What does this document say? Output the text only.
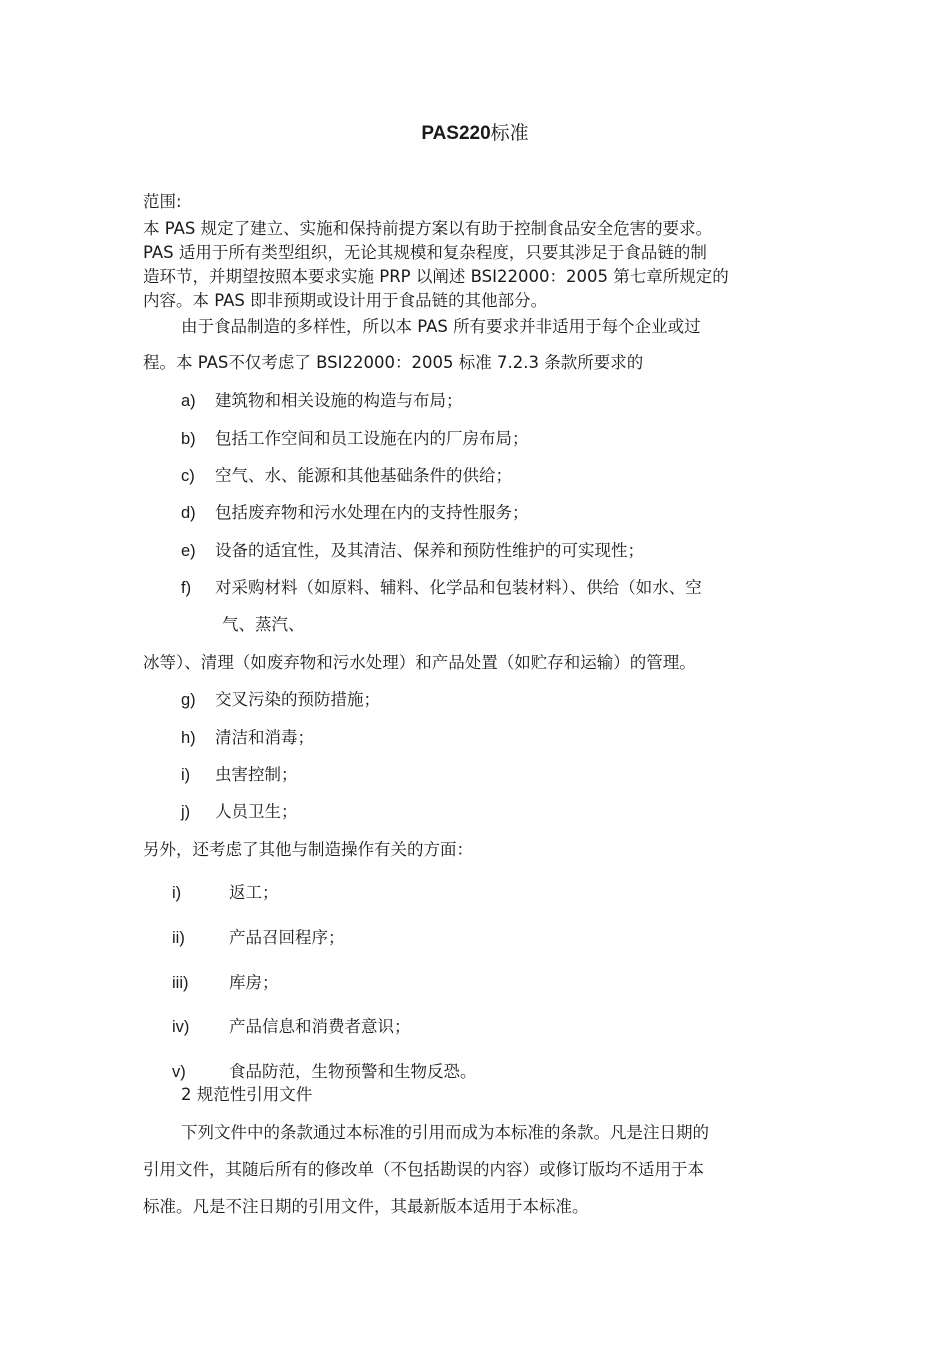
PAS220标准

范围:

本 PAS 规定了建立、实施和保持前提方案以有助于控制食品安全危害的要求。

PAS 适用于所有类型组织，无论其规模和复杂程度，只要其涉足于食品链的制

造环节，并期望按照本要求实施 PRP 以阐述 BSI22000：2005 第七章所规定的

内容。本 PAS 即非预期或设计用于食品链的其他部分。

由于食品制造的多样性，所以本 PAS 所有要求并非适用于每个企业或过

程。本 PAS不仅考虑了 BSI22000：2005 标准 7.2.3 条款所要求的

a) 建筑物和相关设施的构造与布局；
b) 包括工作空间和员工设施在内的厂房布局；
c) 空气、水、能源和其他基础条件的供给；
d) 包括废弃物和污水处理在内的支持性服务；
e) 设备的适宜性，及其清洁、保养和预防性维护的可实现性；
f) 对采购材料（如原料、辅料、化学品和包装材料）、供给（如水、空

气、蒸汽、

冰等）、清理（如废弃物和污水处理）和产品处置（如贮存和运输）的管理。

g) 交叉污染的预防措施；
h) 清洁和消毒；
i) 虫害控制；
j) 人员卫生；

另外，还考虑了其他与制造操作有关的方面：

i)	返工；
ii)	产品召回程序；
iii) 库房；
iv) 产品信息和消费者意识；
v)	食品防范，生物预警和生物反恐。

2 规范性引用文件

下列文件中的条款通过本标准的引用而成为本标准的条款。凡是注日期的

引用文件，其随后所有的修改单（不包括勘误的内容）或修订版均不适用于本

标准。凡是不注日期的引用文件，其最新版本适用于本标准。
